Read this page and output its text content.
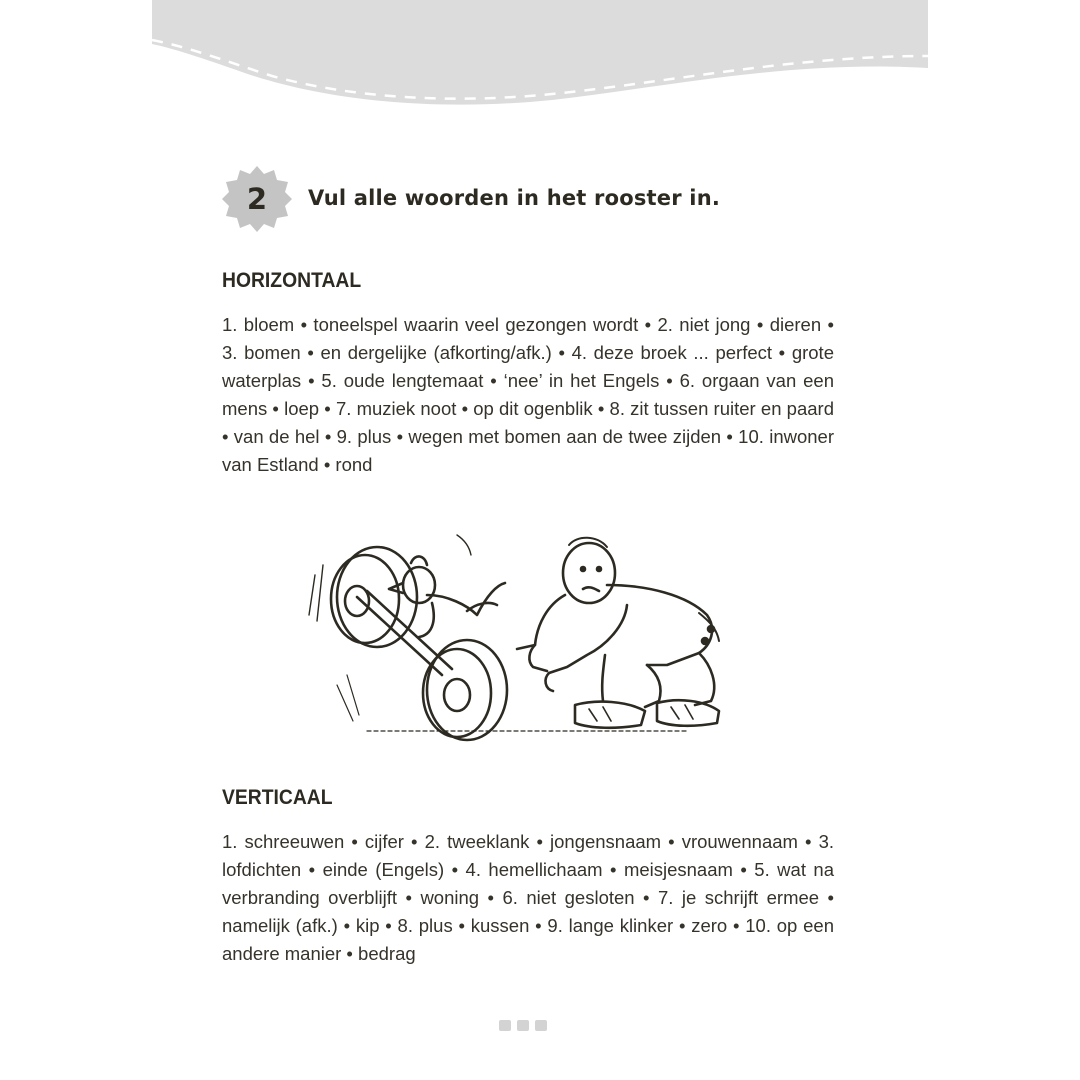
2	Vul alle woorden in het rooster in.
HORIZONTAAL
1. bloem • toneelspel waarin veel gezongen wordt • 2. niet jong • dieren • 3. bomen • en dergelijke (afkorting/afk.) • 4. deze broek ... perfect • grote waterplas • 5. oude lengtemaat • ‘nee’ in het Engels • 6. orgaan van een mens • loep • 7. muziek noot • op dit ogenblik • 8. zit tussen ruiter en paard • van de hel • 9. plus • wegen met bomen aan de twee zijden • 10. inwoner van Estland • rond
VERTICAAL
1. schreeuwen • cijfer • 2. tweeklank • jongensnaam • vrouwennaam • 3. lofdichten • einde (Engels) • 4. hemellichaam • meisjesnaam • 5. wat na verbranding overblijft • woning • 6. niet gesloten • 7. je schrijft ermee • namelijk (afk.) • kip • 8. plus • kussen • 9. lange klinker • zero • 10. op een andere manier • bedrag
